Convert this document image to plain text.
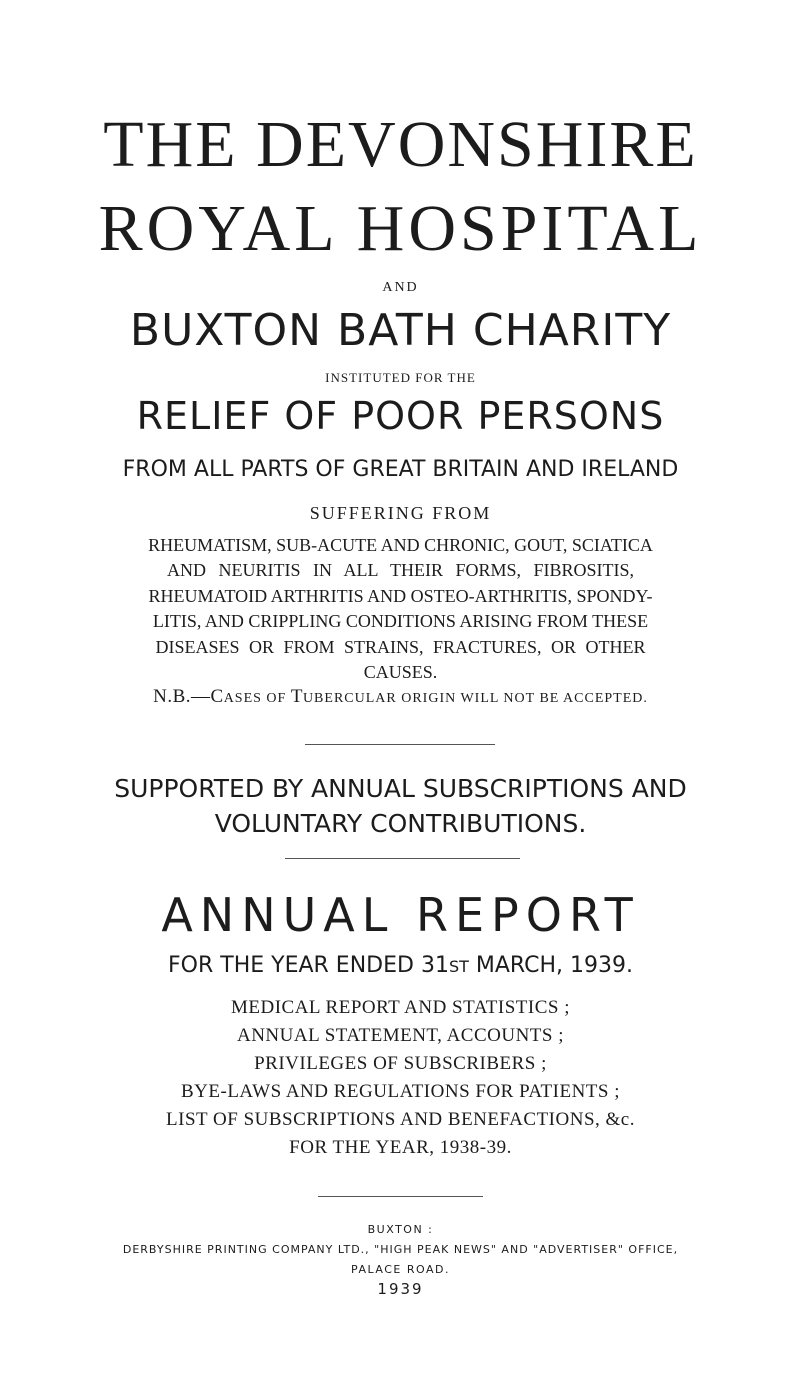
THE DEVONSHIRE
ROYAL HOSPITAL
AND
BUXTON BATH CHARITY
INSTITUTED FOR THE
RELIEF OF POOR PERSONS
FROM ALL PARTS OF GREAT BRITAIN AND IRELAND
SUFFERING FROM
RHEUMATISM, SUB-ACUTE AND CHRONIC, GOUT, SCIATICA
AND NEURITIS IN ALL THEIR FORMS, FIBROSITIS,
RHEUMATOID ARTHRITIS AND OSTEO-ARTHRITIS, SPONDY-
LITIS, AND CRIPPLING CONDITIONS ARISING FROM THESE
DISEASES OR FROM STRAINS, FRACTURES, OR OTHER
CAUSES.
N.B.—CASES OF TUBERCULAR ORIGIN WILL NOT BE ACCEPTED.
SUPPORTED BY ANNUAL SUBSCRIPTIONS AND
VOLUNTARY CONTRIBUTIONS.
ANNUAL REPORT
FOR THE YEAR ENDED 31ST MARCH, 1939.
MEDICAL REPORT AND STATISTICS ;
ANNUAL STATEMENT, ACCOUNTS ;
PRIVILEGES OF SUBSCRIBERS ;
BYE-LAWS AND REGULATIONS FOR PATIENTS ;
LIST OF SUBSCRIPTIONS AND BENEFACTIONS, &c.
FOR THE YEAR, 1938-39.
BUXTON :
DERBYSHIRE PRINTING COMPANY LTD., "HIGH PEAK NEWS" AND "ADVERTISER" OFFICE,
PALACE ROAD.
1939
